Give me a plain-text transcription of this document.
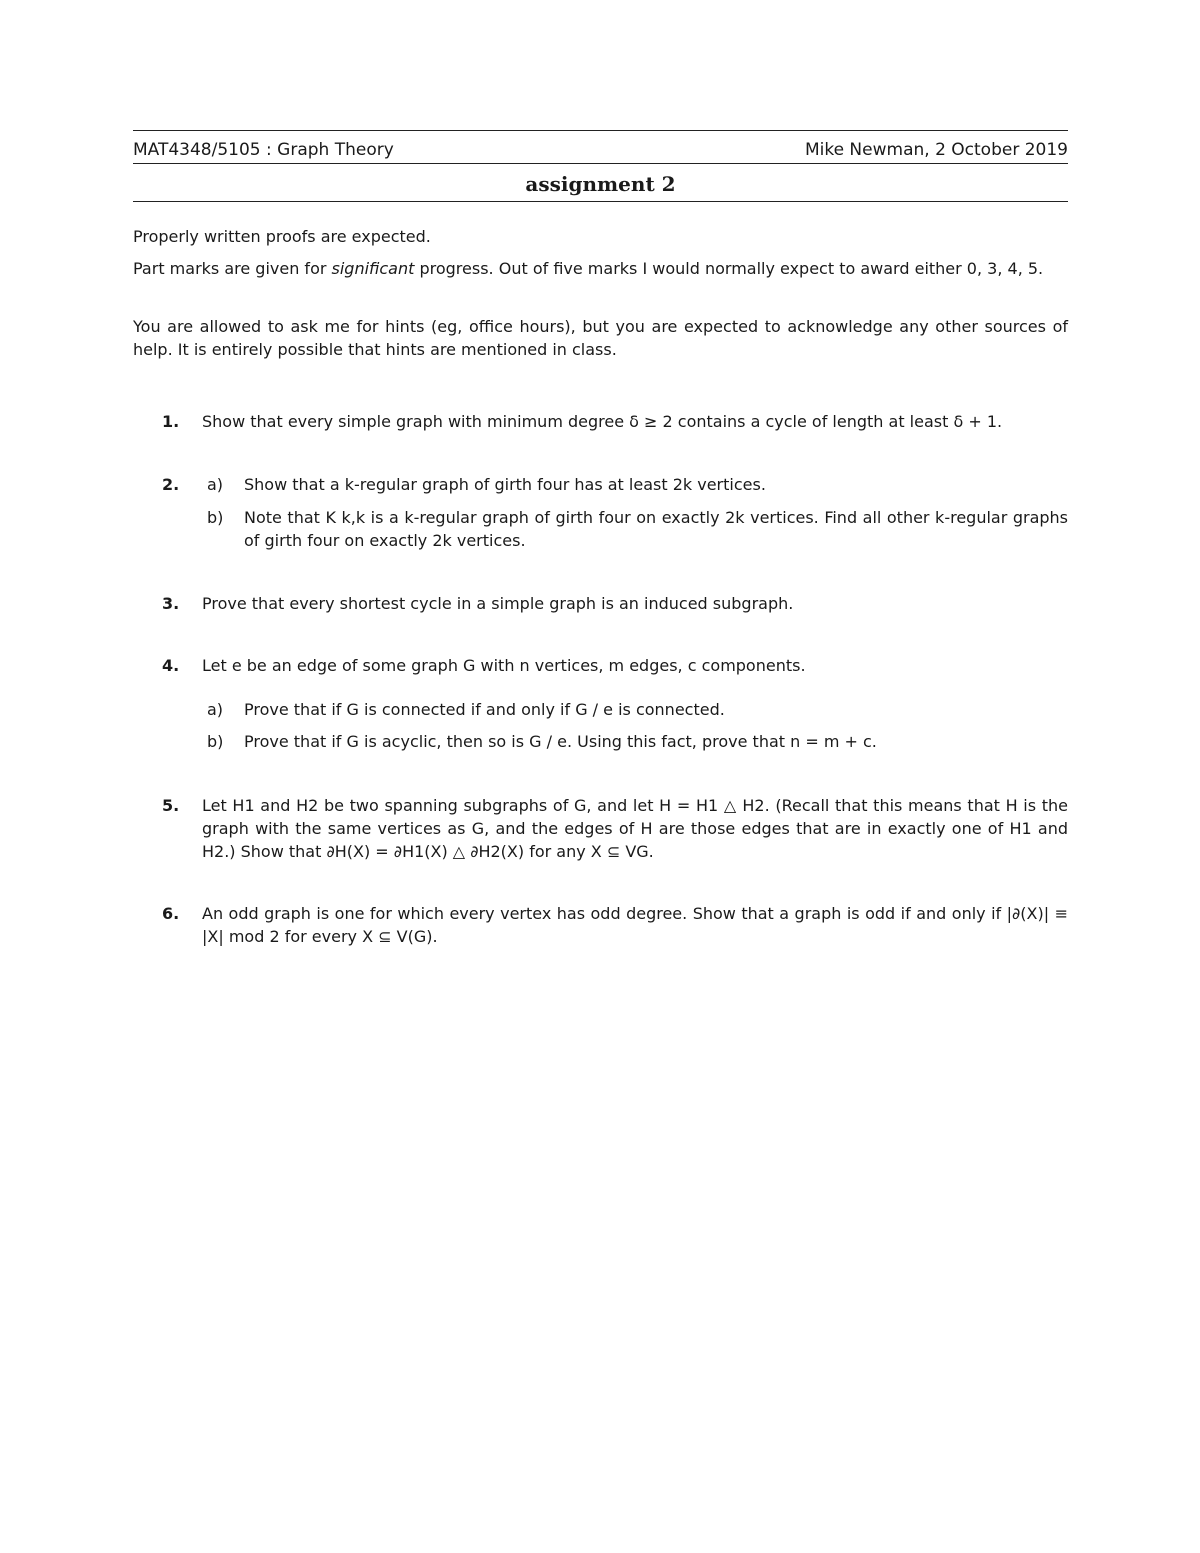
MAT4348/5105 : Graph Theory	Mike Newman, 2 October 2019
assignment 2
Properly written proofs are expected.
Part marks are given for significant progress. Out of five marks I would normally expect to award either 0, 3, 4, 5.
You are allowed to ask me for hints (eg, office hours), but you are expected to acknowledge any other sources of help. It is entirely possible that hints are mentioned in class.
1. Show that every simple graph with minimum degree δ ≥ 2 contains a cycle of length at least δ + 1.
2. a) Show that a k-regular graph of girth four has at least 2k vertices.
b) Note that K k,k is a k-regular graph of girth four on exactly 2k vertices. Find all other k-regular graphs of girth four on exactly 2k vertices.
3. Prove that every shortest cycle in a simple graph is an induced subgraph.
4. Let e be an edge of some graph G with n vertices, m edges, c components.
a) Prove that if G is connected if and only if G / e is connected.
b) Prove that if G is acyclic, then so is G / e. Using this fact, prove that n = m + c.
5. Let H1 and H2 be two spanning subgraphs of G, and let H = H1 △ H2. (Recall that this means that H is the graph with the same vertices as G, and the edges of H are those edges that are in exactly one of H1 and H2.) Show that ∂H(X) = ∂H1(X) △ ∂H2(X) for any X ⊆ VG.
6. An odd graph is one for which every vertex has odd degree. Show that a graph is odd if and only if |∂(X)| ≡ |X| mod 2 for every X ⊆ V(G).
